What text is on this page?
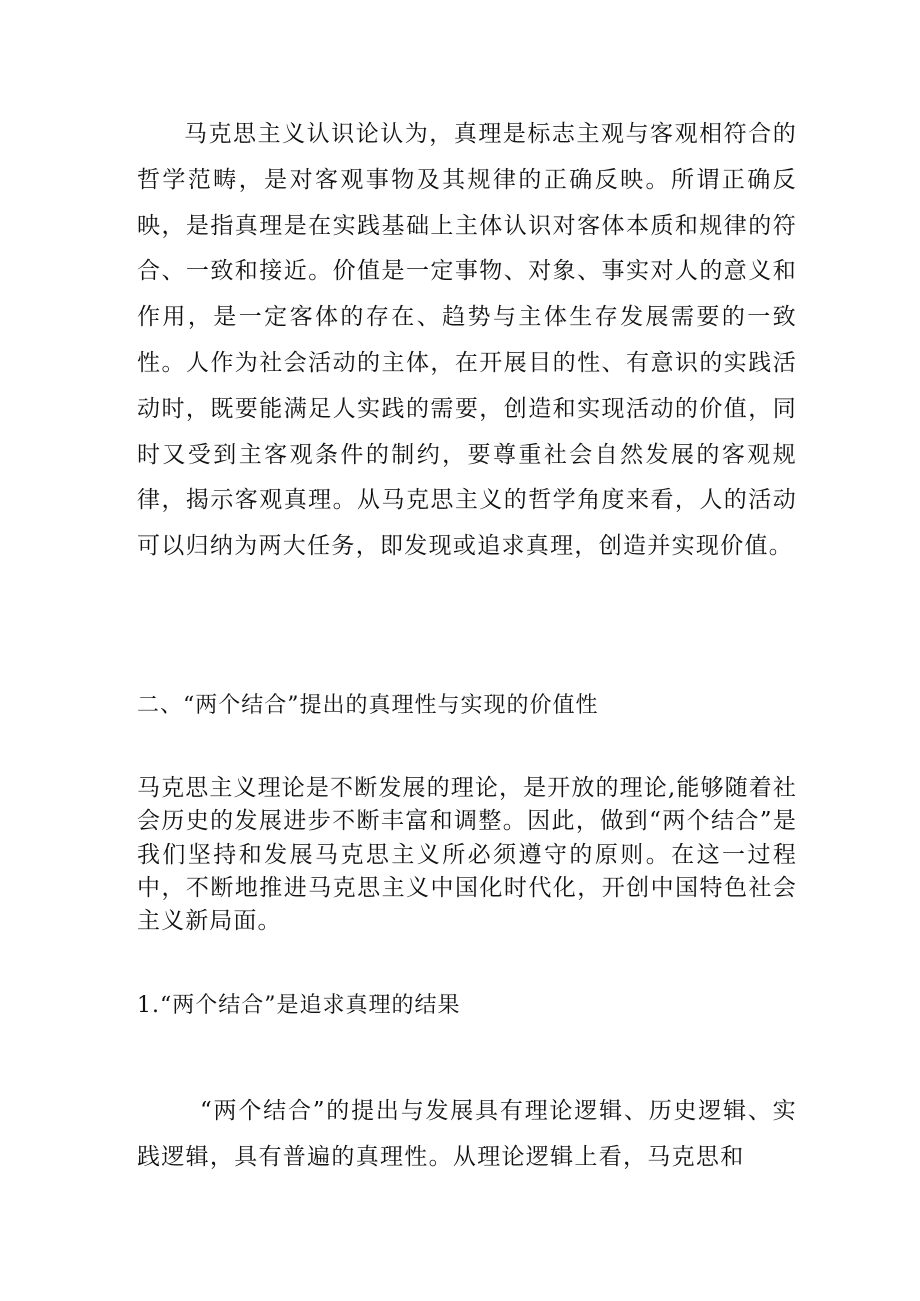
马克思主义认识论认为，真理是标志主观与客观相符合的哲学范畴，是对客观事物及其规律的正确反映。所谓正确反映，是指真理是在实践基础上主体认识对客体本质和规律的符合、一致和接近。价值是一定事物、对象、事实对人的意义和作用，是一定客体的存在、趋势与主体生存发展需要的一致性。人作为社会活动的主体，在开展目的性、有意识的实践活动时，既要能满足人实践的需要，创造和实现活动的价值，同时又受到主客观条件的制约，要尊重社会自然发展的客观规律，揭示客观真理。从马克思主义的哲学角度来看，人的活动可以归纳为两大任务，即发现或追求真理，创造并实现价值。

二、“两个结合”提出的真理性与实现的价值性

马克思主义理论是不断发展的理论，是开放的理论,能够随着社会历史的发展进步不断丰富和调整。因此，做到“两个结合”是我们坚持和发展马克思主义所必须遵守的原则。在这一过程中，不断地推进马克思主义中国化时代化，开创中国特色社会主义新局面。

1.“两个结合”是追求真理的结果

“两个结合”的提出与发展具有理论逻辑、历史逻辑、实践逻辑，具有普遍的真理性。从理论逻辑上看，马克思和
